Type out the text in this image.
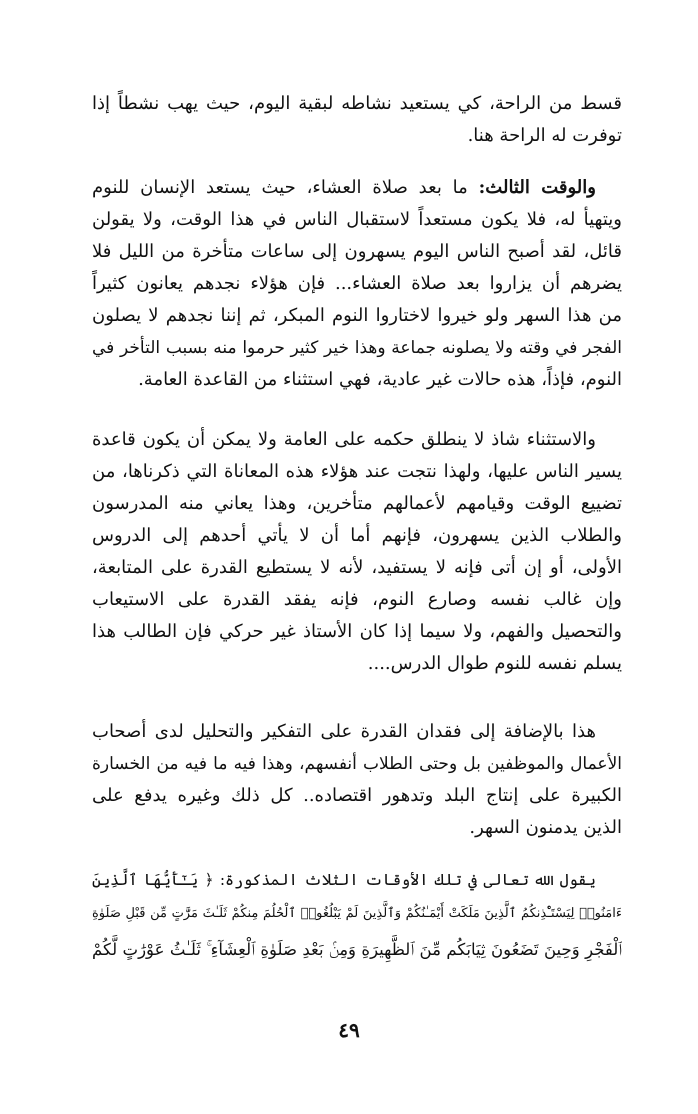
قسط من الراحة، كي يستعيد نشاطه لبقية اليوم، حيث يهب نشطاً إذا
توفرت له الراحة هنا.
والوقت الثالث: ما بعد صلاة العشاء، حيث يستعد الإنسان للنوم
ويتهيأ له، فلا يكون مستعداً لاستقبال الناس في هذا الوقت، ولا يقولن
قائل، لقد أصبح الناس اليوم يسهرون إلى ساعات متأخرة من الليل فلا
يضرهم أن يزاروا بعد صلاة العشاء... فإن هؤلاء نجدهم يعانون كثيراً
من هذا السهر ولو خيروا لاختاروا النوم المبكر، ثم إننا نجدهم لا يصلون
الفجر في وقته ولا يصلونه جماعة وهذا خير كثير حرموا منه بسبب التأخر في
النوم، فإذاً، هذه حالات غير عادية، فهي استثناء من القاعدة العامة.
والاستثناء شاذ لا ينطلق حكمه على العامة ولا يمكن أن يكون قاعدة
يسير الناس عليها، ولهذا نتجت عند هؤلاء هذه المعاناة التي ذكرناها، من
تضييع الوقت وقيامهم لأعمالهم متأخرين، وهذا يعاني منه المدرسون
والطلاب الذين يسهرون، فإنهم أما أن لا يأتي أحدهم إلى الدروس
الأولى، أو إن أتى فإنه لا يستفيد، لأنه لا يستطيع القدرة على المتابعة،
وإن غالب نفسه وصارع النوم، فإنه يفقد القدرة على الاستيعاب
والتحصيل والفهم، ولا سيما إذا كان الأستاذ غير حركي فإن الطالب هذا
يسلم نفسه للنوم طوال الدرس....
هذا بالإضافة إلى فقدان القدرة على التفكير والتحليل لدى أصحاب
الأعمال والموظفين بل وحتى الطلاب أنفسهم، وهذا فيه ما فيه من الخسارة
الكبيرة على إنتاج البلد وتدهور اقتصاده.. كل ذلك وغيره يدفع على
الذين يدمنون السهر.
يقول الله تعالى في تلك الأوقات الثلاث المذكورة: ﴿ يَـٰٓأَيُّهَا ٱلَّذِينَ
ءَامَنُوا۟ لِيَسْتَـْٔذِنكُمُ ٱلَّذِينَ مَلَكَتْ أَيْمَـٰنُكُمْ وَٱلَّذِينَ لَمْ يَبْلُغُوا۟ ٱلْحُلُمَ مِنكُمْ ثَلَـٰثَ مَرَّٰتٍ مِّن قَبْلِ صَلَوٰةِ
ٱلْفَجْرِ وَحِينَ تَضَعُونَ ثِيَابَكُم مِّنَ ٱلظَّهِيرَةِ وَمِنۢ بَعْدِ صَلَوٰةِ ٱلْعِشَآءِ ۚ ثَلَـٰثُ عَوْرَٰتٍ لَّكُمْ
٤٩
